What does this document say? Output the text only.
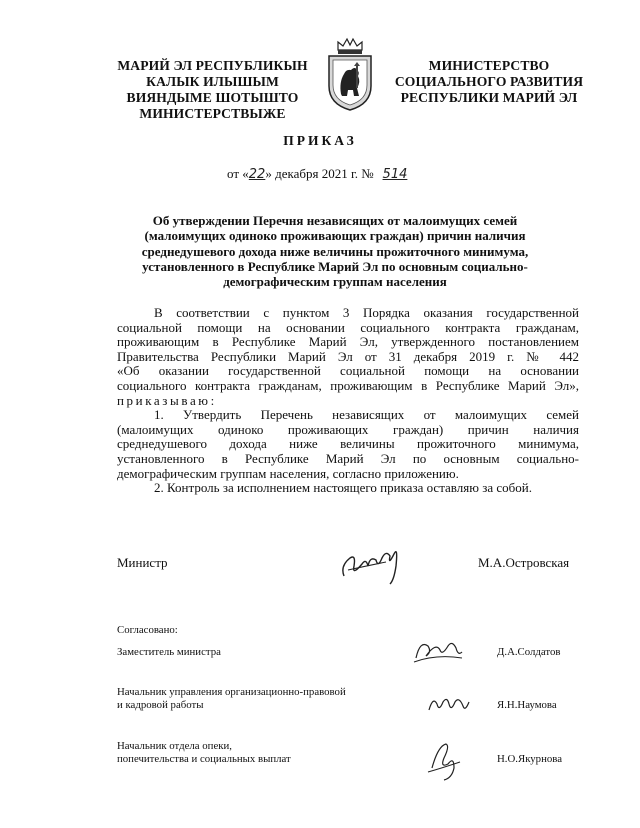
МАРИЙ ЭЛ РЕСПУБЛИКЫН
КАЛЫК ИЛЫШЫМ
ВИЯНДЫМЕ ШОТЫШТО
МИНИСТЕРСТВЫЖЕ
МИНИСТЕРСТВО
СОЦИАЛЬНОГО РАЗВИТИЯ
РЕСПУБЛИКИ МАРИЙ ЭЛ
ПРИКАЗ
от «22» декабря 2021 г. № 514
Об утверждении Перечня независящих от малоимущих семей
(малоимущих одиноко проживающих граждан) причин наличия
среднедушевого дохода ниже величины прожиточного минимума,
установленного в Республике Марий Эл по основным социально-
демографическим группам населения
В соответствии с пунктом 3 Порядка оказания государственной
социальной помощи на основании социального контракта гражданам,
проживающим в Республике Марий Эл, утвержденного постановлением
Правительства Республики Марий Эл от 31 декабря 2019 г. № 442
«Об оказании государственной социальной помощи на основании
социального контракта гражданам, проживающим в Республике Марий Эл»,
приказываю:
1. Утвердить Перечень независящих от малоимущих семей
(малоимущих одиноко проживающих граждан) причин наличия
среднедушевого дохода ниже величины прожиточного минимума,
установленного в Республике Марий Эл по основным социально-
демографическим группам населения, согласно приложению.
2. Контроль за исполнением настоящего приказа оставляю за собой.
Министр	М.А.Островская
Согласовано:
Заместитель министра	Д.А.Солдатов
Начальник управления организационно-правовой
и кадровой работы	Я.Н.Наумова
Начальник отдела опеки,
попечительства и социальных выплат	Н.О.Якурнова
